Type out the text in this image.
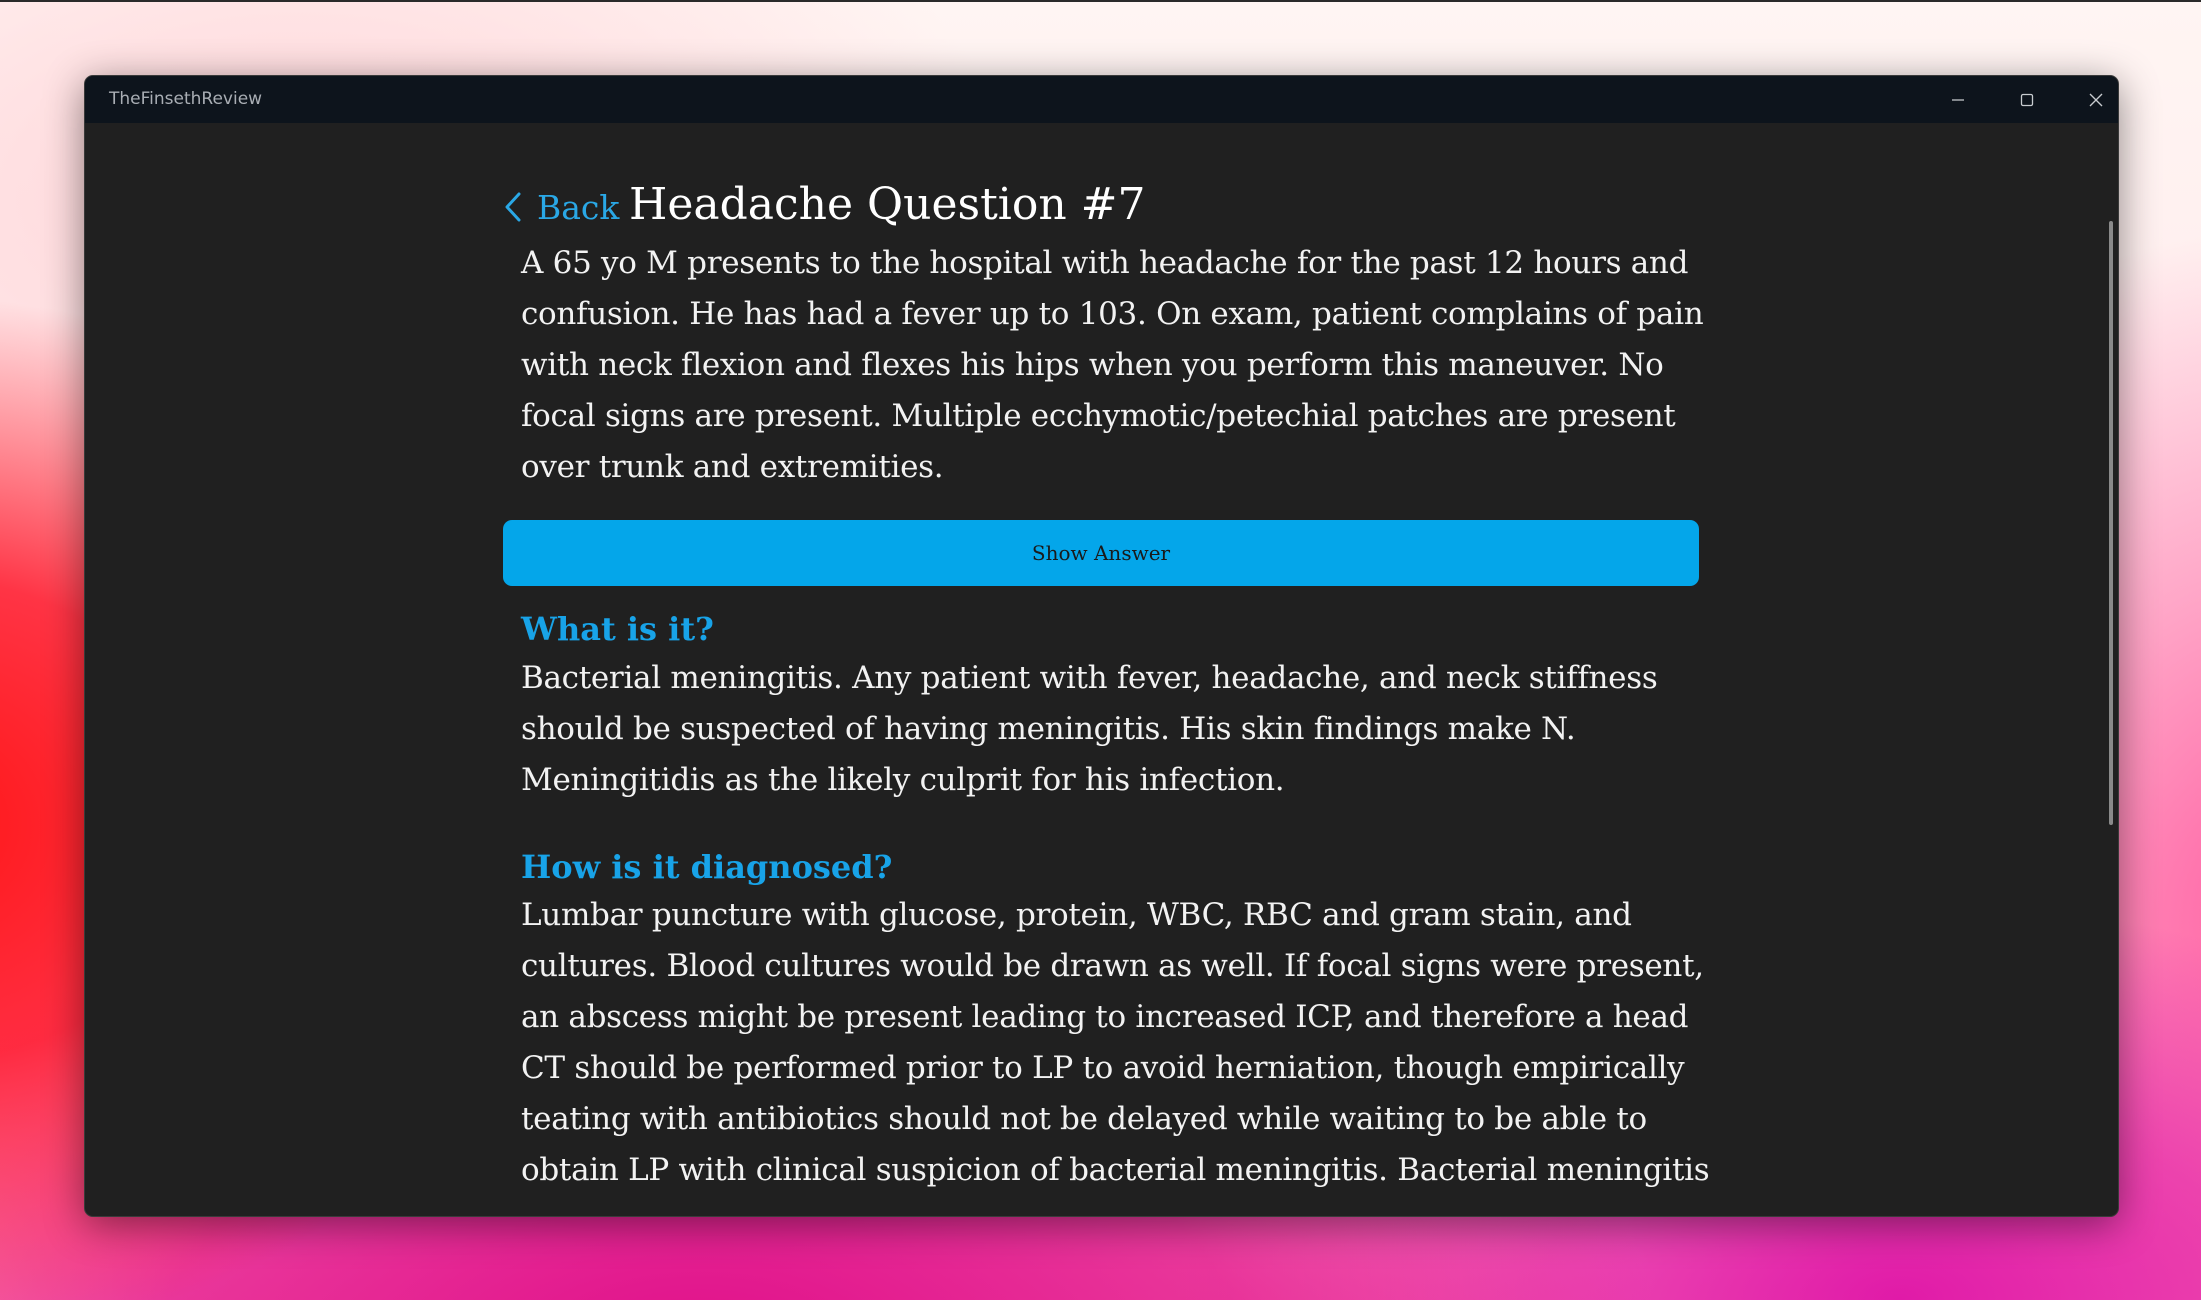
TheFinsethReview
Back Headache Question #7
A 65 yo M presents to the hospital with headache for the past 12 hours and confusion. He has had a fever up to 103. On exam, patient complains of pain with neck flexion and flexes his hips when you perform this maneuver. No focal signs are present. Multiple ecchymotic/petechial patches are present over trunk and extremities.
Show Answer
What is it?
Bacterial meningitis. Any patient with fever, headache, and neck stiffness should be suspected of having meningitis. His skin findings make N. Meningitidis as the likely culprit for his infection.
How is it diagnosed?
Lumbar puncture with glucose, protein, WBC, RBC and gram stain, and cultures. Blood cultures would be drawn as well. If focal signs were present, an abscess might be present leading to increased ICP, and therefore a head CT should be performed prior to LP to avoid herniation, though empirically teating with antibiotics should not be delayed while waiting to be able to obtain LP with clinical suspicion of bacterial meningitis. Bacterial meningitis
